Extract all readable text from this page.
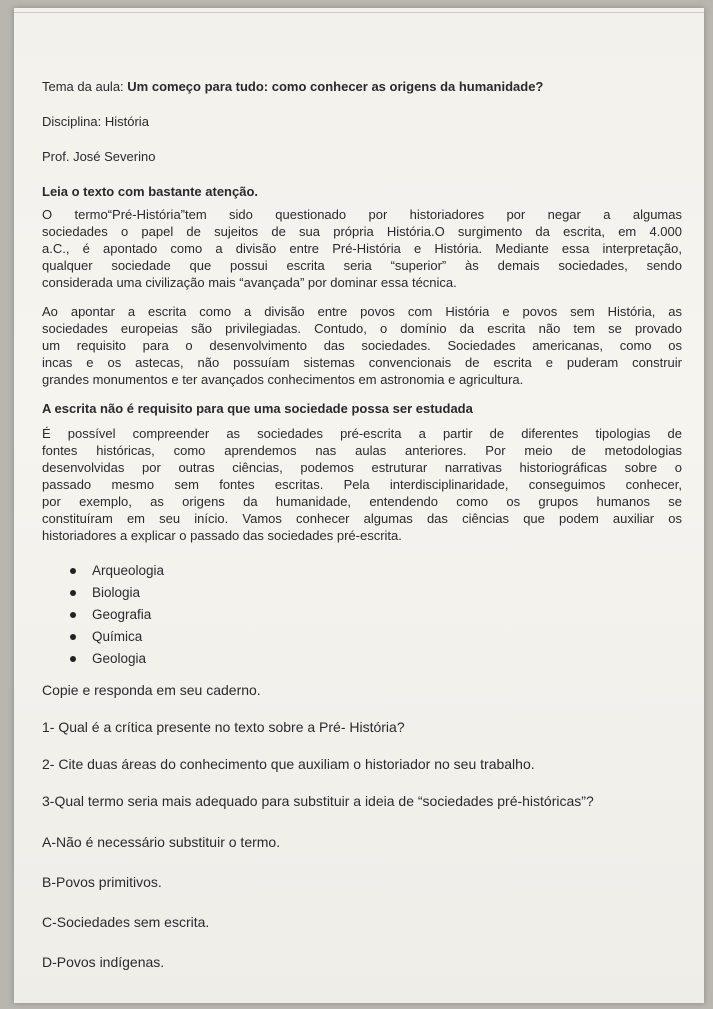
Tema da aula: Um começo para tudo: como conhecer as origens da humanidade?
Disciplina: História
Prof. José Severino
Leia o texto com bastante atenção.
O termo“Pré-História”tem sido questionado por historiadores por negar a algumas
sociedades o papel de sujeitos de sua própria História.O surgimento da escrita, em 4.000
a.C., é apontado como a divisão entre Pré-História e História. Mediante essa interpretação,
qualquer sociedade que possui escrita seria “superior” às demais sociedades, sendo
considerada uma civilização mais “avançada” por dominar essa técnica.
Ao apontar a escrita como a divisão entre povos com História e povos sem História, as
sociedades europeias são privilegiadas. Contudo, o domínio da escrita não tem se provado
um requisito para o desenvolvimento das sociedades. Sociedades americanas, como os
incas e os astecas, não possuíam sistemas convencionais de escrita e puderam construir
grandes monumentos e ter avançados conhecimentos em astronomia e agricultura.
A escrita não é requisito para que uma sociedade possa ser estudada
É possível compreender as sociedades pré-escrita a partir de diferentes tipologias de
fontes históricas, como aprendemos nas aulas anteriores. Por meio de metodologias
desenvolvidas por outras ciências, podemos estruturar narrativas historiográficas sobre o
passado mesmo sem fontes escritas. Pela interdisciplinaridade, conseguimos conhecer,
por exemplo, as origens da humanidade, entendendo como os grupos humanos se
constituíram em seu início. Vamos conhecer algumas das ciências que podem auxiliar os
historiadores a explicar o passado das sociedades pré-escrita.
Arqueologia
Biologia
Geografia
Química
Geologia
Copie e responda em seu caderno.
1- Qual é a crítica presente no texto sobre a Pré- História?
2- Cite duas áreas do conhecimento que auxiliam o historiador no seu trabalho.
3-Qual termo seria mais adequado para substituir a ideia de “sociedades pré-históricas”?
A-Não é necessário substituir o termo.
B-Povos primitivos.
C-Sociedades sem escrita.
D-Povos indígenas.
